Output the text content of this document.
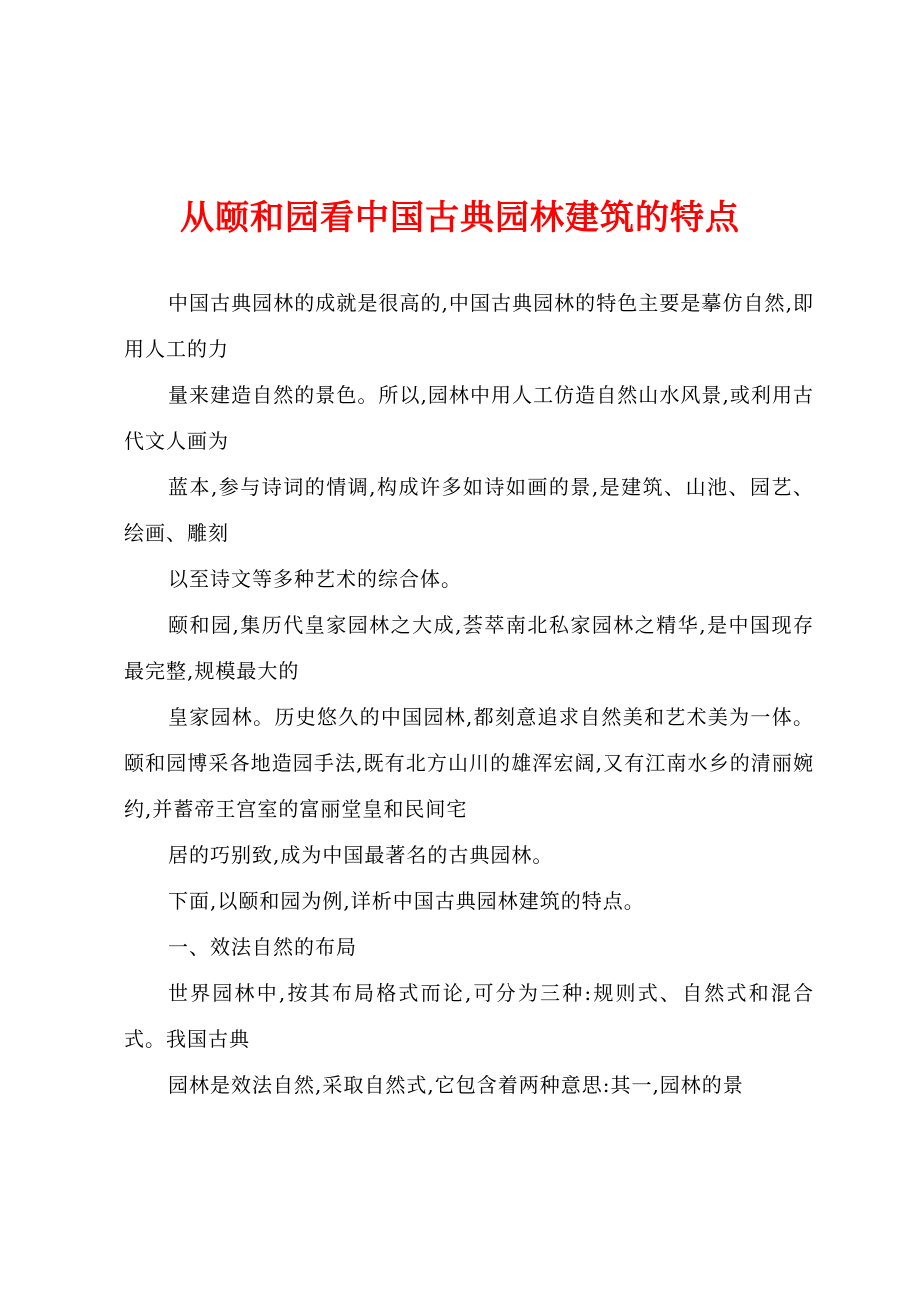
从颐和园看中国古典园林建筑的特点

中国古典园林的成就是很高的,中国古典园林的特色主要是摹仿自然,即用人工的力

量来建造自然的景色。所以,园林中用人工仿造自然山水风景,或利用古代文人画为

蓝本,参与诗词的情调,构成许多如诗如画的景,是建筑、山池、园艺、绘画、雕刻

以至诗文等多种艺术的综合体。

颐和园,集历代皇家园林之大成,荟萃南北私家园林之精华,是中国现存最完整,规模最大的

皇家园林。历史悠久的中国园林,都刻意追求自然美和艺术美为一体。颐和园博采各地造园手法,既有北方山川的雄浑宏阔,又有江南水乡的清丽婉约,并蓄帝王宫室的富丽堂皇和民间宅

居的巧别致,成为中国最著名的古典园林。

下面,以颐和园为例,详析中国古典园林建筑的特点。

一、效法自然的布局

世界园林中,按其布局格式而论,可分为三种:规则式、自然式和混合式。我国古典

园林是效法自然,采取自然式,它包含着两种意思:其一,园林的景
